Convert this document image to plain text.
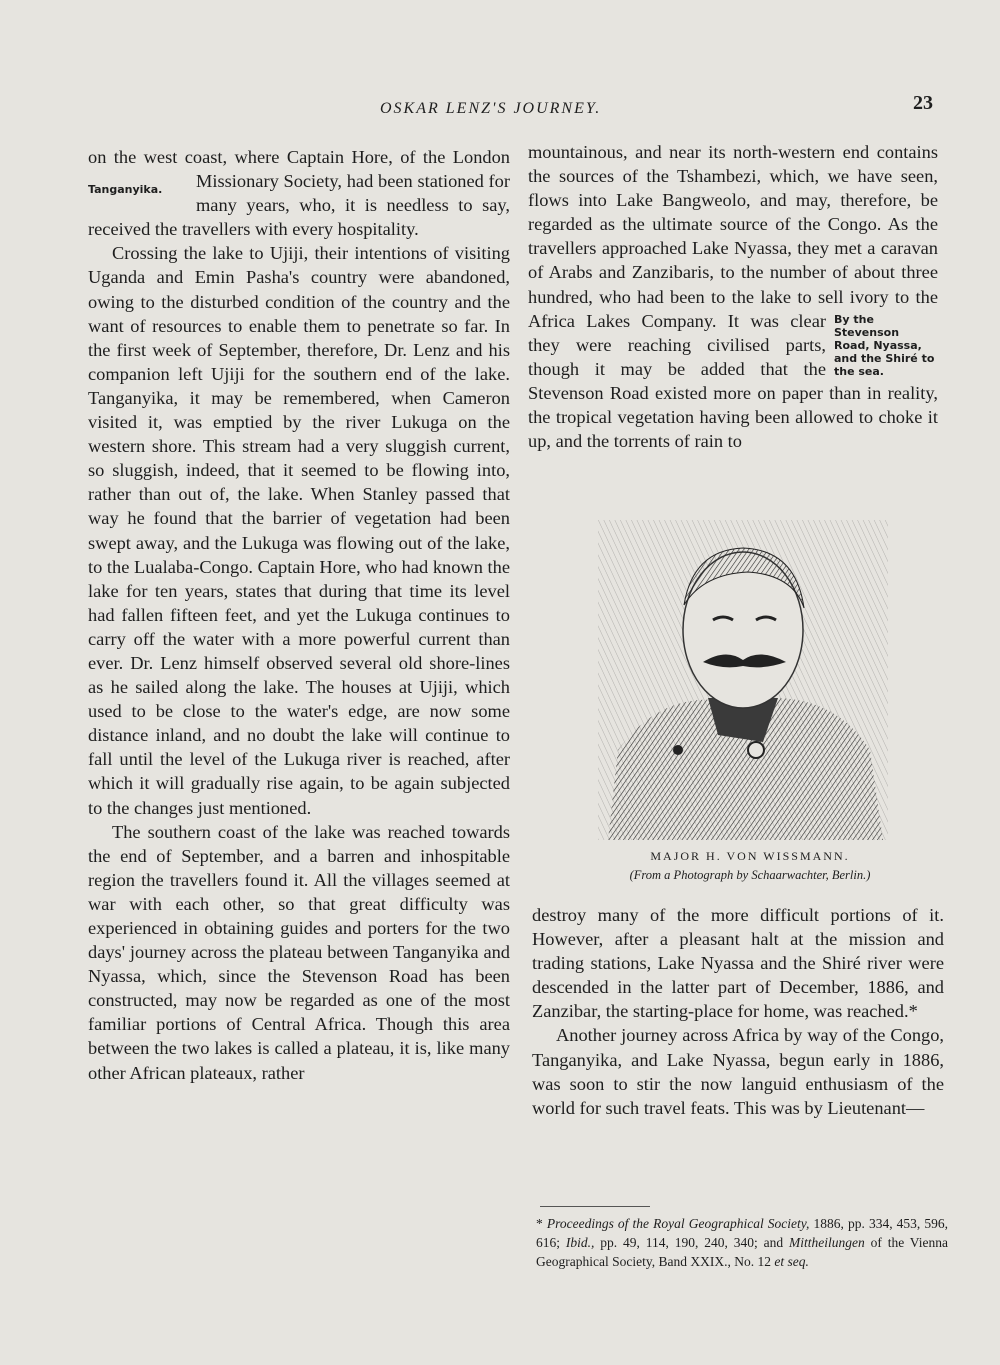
OSKAR LENZ'S JOURNEY.	23

on the west coast, where Captain Hore, of the London Missionary Society, had been
Tanganyika.	stationed for many years, who, it is needless to say, received the travellers with every hospitality.

Crossing the lake to Ujiji, their intentions of visiting Uganda and Emin Pasha's country were abandoned, owing to the disturbed condition of the country and the want of resources to enable them to penetrate so far. In the first week of September, therefore, Dr. Lenz and his companion left Ujiji for the southern end of the lake. Tanganyika, it may be remembered, when Cameron visited it, was emptied by the river Lukuga on the western shore. This stream had a very sluggish current, so sluggish, indeed, that it seemed to be flowing into, rather than out of, the lake. When Stanley passed that way he found that the barrier of vegetation had been swept away, and the Lukuga was flowing out of the lake, to the Lualaba-Congo. Captain Hore, who had known the lake for ten years, states that during that time its level had fallen fifteen feet, and yet the Lukuga continues to carry off the water with a more powerful current than ever. Dr. Lenz himself observed several old shore-lines as he sailed along the lake. The houses at Ujiji, which used to be close to the water's edge, are now some distance inland, and no doubt the lake will continue to fall until the level of the Lukuga river is reached, after which it will gradually rise again, to be again subjected to the changes just mentioned.

The southern coast of the lake was reached towards the end of September, and a barren and inhospitable region the travellers found it. All the villages seemed at war with each other, so that great difficulty was experienced in obtaining guides and porters for the two days' journey across the plateau between Tanganyika and Nyassa, which, since the Stevenson Road has been constructed, may now be regarded as one of the most familiar portions of Central Africa. Though this area between the two lakes is called a plateau, it is, like many other African plateaux, rather

mountainous, and near its north-western end contains the sources of the Tshambezi, which, we have seen, flows into Lake Bangweolo, and may, therefore, be regarded as the ultimate source of the Congo. As the travellers approached Lake Nyassa, they met a caravan of Arabs and Zanzibaris, to the number of about three hundred, who had been to the lake to sell ivory to the Africa Lakes Company. It	By the Stevenson Road, Nyassa, and the Shiré to the sea.
was clear they were reaching civilised parts, though it may be added that the Stevenson Road existed more on paper than in reality, the tropical vegetation having been allowed to choke it up, and the torrents of rain to

MAJOR H. VON WISSMANN.
(From a Photograph by Schaarwachter, Berlin.)

destroy many of the more difficult portions of it. However, after a pleasant halt at the mission and trading stations, Lake Nyassa and the Shiré river were descended in the latter part of December, 1886, and Zanzibar, the starting-place for home, was reached.*

Another journey across Africa by way of the Congo, Tanganyika, and Lake Nyassa, begun early in 1886, was soon to stir the now languid enthusiasm of the world for such travel feats. This was by Lieutenant—

* Proceedings of the Royal Geographical Society, 1886, pp. 334, 453, 596, 616; Ibid., pp. 49, 114, 190, 240, 340; and Mittheilungen of the Vienna Geographical Society, Band XXIX., No. 12 et seq.
